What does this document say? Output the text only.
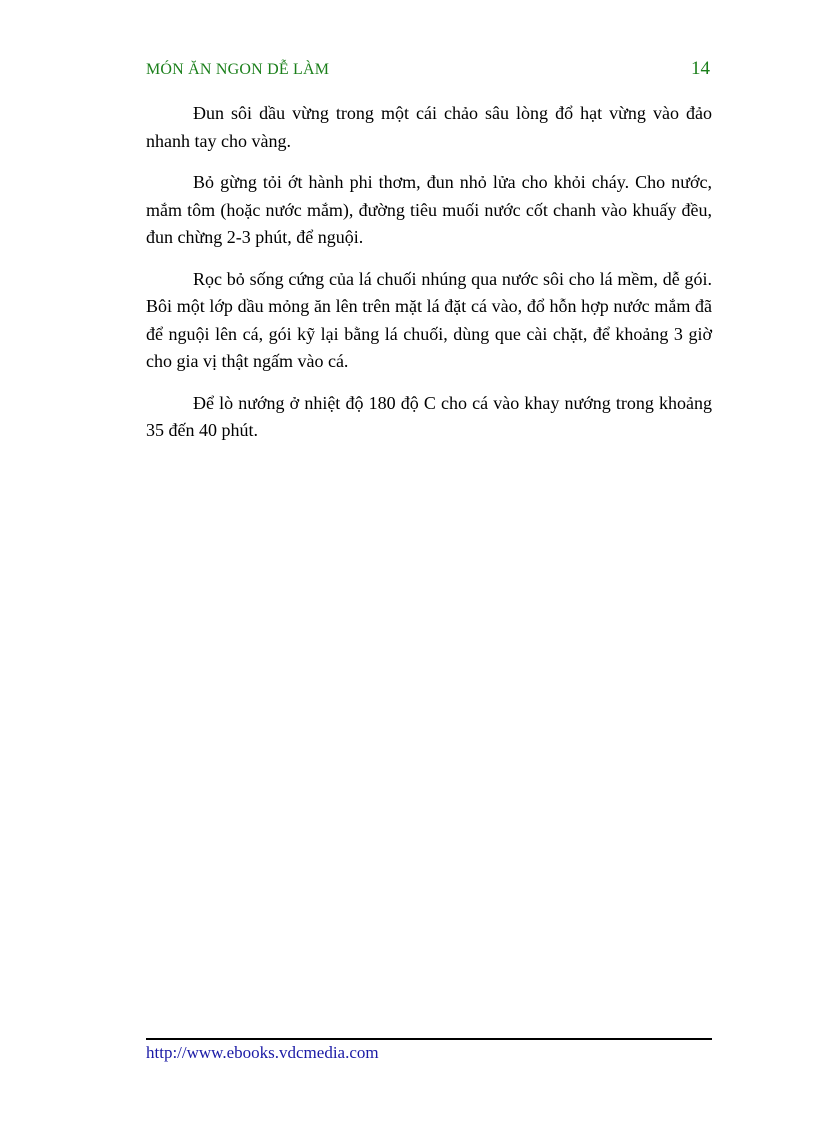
MÓN ĂN NGON DỄ LÀM	14

Đun sôi dầu vừng trong một cái chảo sâu lòng đổ hạt vừng vào đảo nhanh tay cho vàng.

Bỏ gừng tỏi ớt hành phi thơm, đun nhỏ lửa cho khỏi cháy. Cho nước, mắm tôm (hoặc nước mắm), đường tiêu muối nước cốt chanh vào khuấy đều, đun chừng 2-3 phút, để nguội.

Rọc bỏ sống cứng của lá chuối nhúng qua nước sôi cho lá mềm, dễ gói. Bôi một lớp dầu mỏng ăn lên trên mặt lá đặt cá vào, đổ hỗn hợp nước mắm đã để nguội lên cá, gói kỹ lại bằng lá chuối, dùng que cài chặt, để khoảng 3 giờ cho gia vị thật ngấm vào cá.

Để lò nướng ở nhiệt độ 180 độ C cho cá vào khay nướng trong khoảng 35 đến 40 phút.

http://www.ebooks.vdcmedia.com
